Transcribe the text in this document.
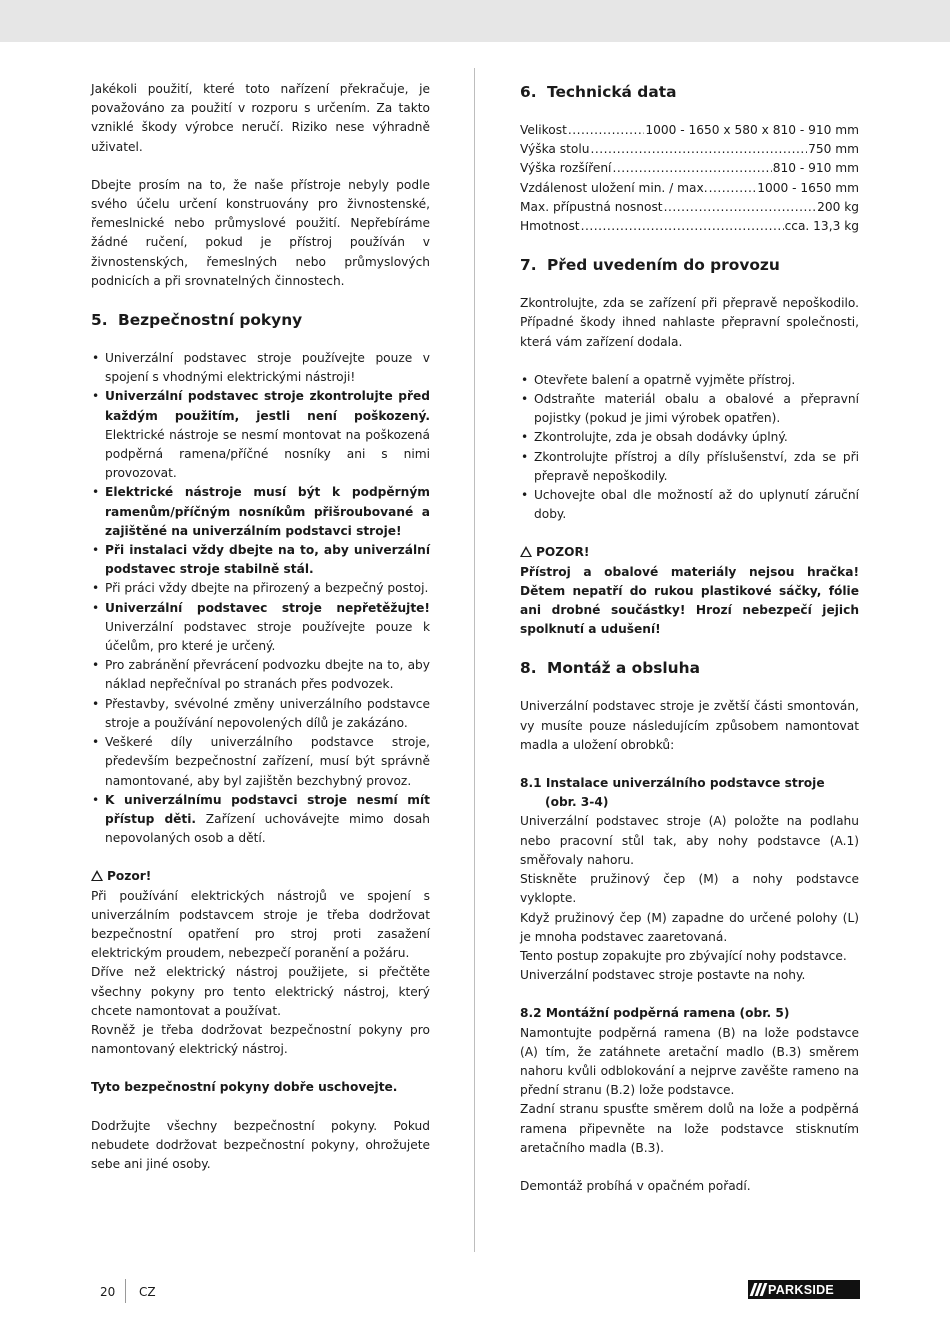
Jakékoli použití, které toto nařízení překračuje, je považováno za použití v rozporu s určením. Za takto vzniklé škody výrobce neručí. Riziko nese výhradně uživatel.

Dbejte prosím na to, že naše přístroje nebyly podle svého účelu určení konstruovány pro živnostenské, řemeslnické nebo průmyslové použití. Nepřebíráme žádné ručení, pokud je přístroj používán v živnostenských, řemeslných nebo průmyslových podnicích a při srovnatelných činnostech.

5. Bezpečnostní pokyny
• Univerzální podstavec stroje používejte pouze v spojení s vhodnými elektrickými nástroji!
• Univerzální podstavec stroje zkontrolujte před každým použitím, jestli není poškozený. Elektrické nástroje se nesmí montovat na poškozená podpěrná ramena/příčné nosníky ani s nimi provozovat.
• Elektrické nástroje musí být k podpěrným ramenům/příčným nosníkům přišroubované a zajištěné na univerzálním podstavci stroje!
• Při instalaci vždy dbejte na to, aby univerzální podstavec stroje stabilně stál.
• Při práci vždy dbejte na přirozený a bezpečný postoj.
• Univerzální podstavec stroje nepřetěžujte! Univerzální podstavec stroje používejte pouze k účelům, pro které je určený.
• Pro zabránění převrácení podvozku dbejte na to, aby náklad nepřečníval po stranách přes podvozek.
• Přestavby, svévolné změny univerzálního podstavce stroje a používání nepovolených dílů je zakázáno.
• Veškeré díly univerzálního podstavce stroje, především bezpečnostní zařízení, musí být správně namontované, aby byl zajištěn bezchybný provoz.
• K univerzálnímu podstavci stroje nesmí mít přístup děti. Zařízení uchovávejte mimo dosah nepovolaných osob a dětí.
Pozor!

Při používání elektrických nástrojů ve spojení s univerzálním podstavcem stroje je třeba dodržovat bezpečnostní opatření pro stroj proti zasažení elektrickým proudem, nebezpečí poranění a požáru.

Dříve než elektrický nástroj použijete, si přečtěte všechny pokyny pro tento elektrický nástroj, který chcete namontovat a používat.

Rovněž je třeba dodržovat bezpečnostní pokyny pro namontovaný elektrický nástroj.

Tyto bezpečnostní pokyny dobře uschovejte.

Dodržujte všechny bezpečnostní pokyny. Pokud nebudete dodržovat bezpečnostní pokyny, ohrožujete sebe ani jiné osoby.

6. Technická data
Velikost .....	1000 - 1650 x 580 x 810 - 910 mm
Výška stolu .....	750 mm
Výška rozšíření .....	810 - 910 mm
Vzdálenost uložení min. / max. .....	1000 - 1650 mm
Max. přípustná nosnost .....	200 kg
Hmotnost .....	cca. 13,3 kg
7. Před uvedením do provozu

Zkontrolujte, zda se zařízení při přepravě nepoškodilo. Případné škody ihned nahlaste přepravní společnosti, která vám zařízení dodala.

• Otevřete balení a opatrně vyjměte přístroj.
• Odstraňte materiál obalu a obalové a přepravní pojistky (pokud je jimi výrobek opatřen).
• Zkontrolujte, zda je obsah dodávky úplný.
• Zkontrolujte přístroj a díly příslušenství, zda se při přepravě nepoškodily.
• Uchovejte obal dle možností až do uplynutí záruční doby.
POZOR!

Přístroj a obalové materiály nejsou hračka! Dětem nepatří do rukou plastikové sáčky, fólie ani drobné součástky! Hrozí nebezpečí jejich spolknutí a udušení!

8. Montáž a obsluha

Univerzální podstavec stroje je zvětší části smontován, vy musíte pouze následujícím způsobem namontovat madla a uložení obrobků:

8.1 Instalace univerzálního podstavce stroje
(obr. 3-4)

Univerzální podstavec stroje (A) položte na podlahu nebo pracovní stůl tak, aby nohy podstavce (A.1) směřovaly nahoru.

Stiskněte pružinový čep (M) a nohy podstavce vyklopte.

Když pružinový čep (M) zapadne do určené polohy (L) je mnoha podstavec zaaretovaná.

Tento postup zopakujte pro zbývající nohy podstavce.

Univerzální podstavec stroje postavte na nohy.

8.2 Montážní podpěrná ramena (obr. 5)

Namontujte podpěrná ramena (B) na lože podstavce (A) tím, že zatáhnete aretační madlo (B.3) směrem nahoru kvůli odblokování a nejprve zavěšte rameno na přední stranu (B.2) lože podstavce.

Zadní stranu spusťte směrem dolů na lože a podpěrná ramena připevněte na lože podstavce stisknutím aretačního madla (B.3).

Demontáž probíhá v opačném pořadí.

20 CZ	PARKSIDE
